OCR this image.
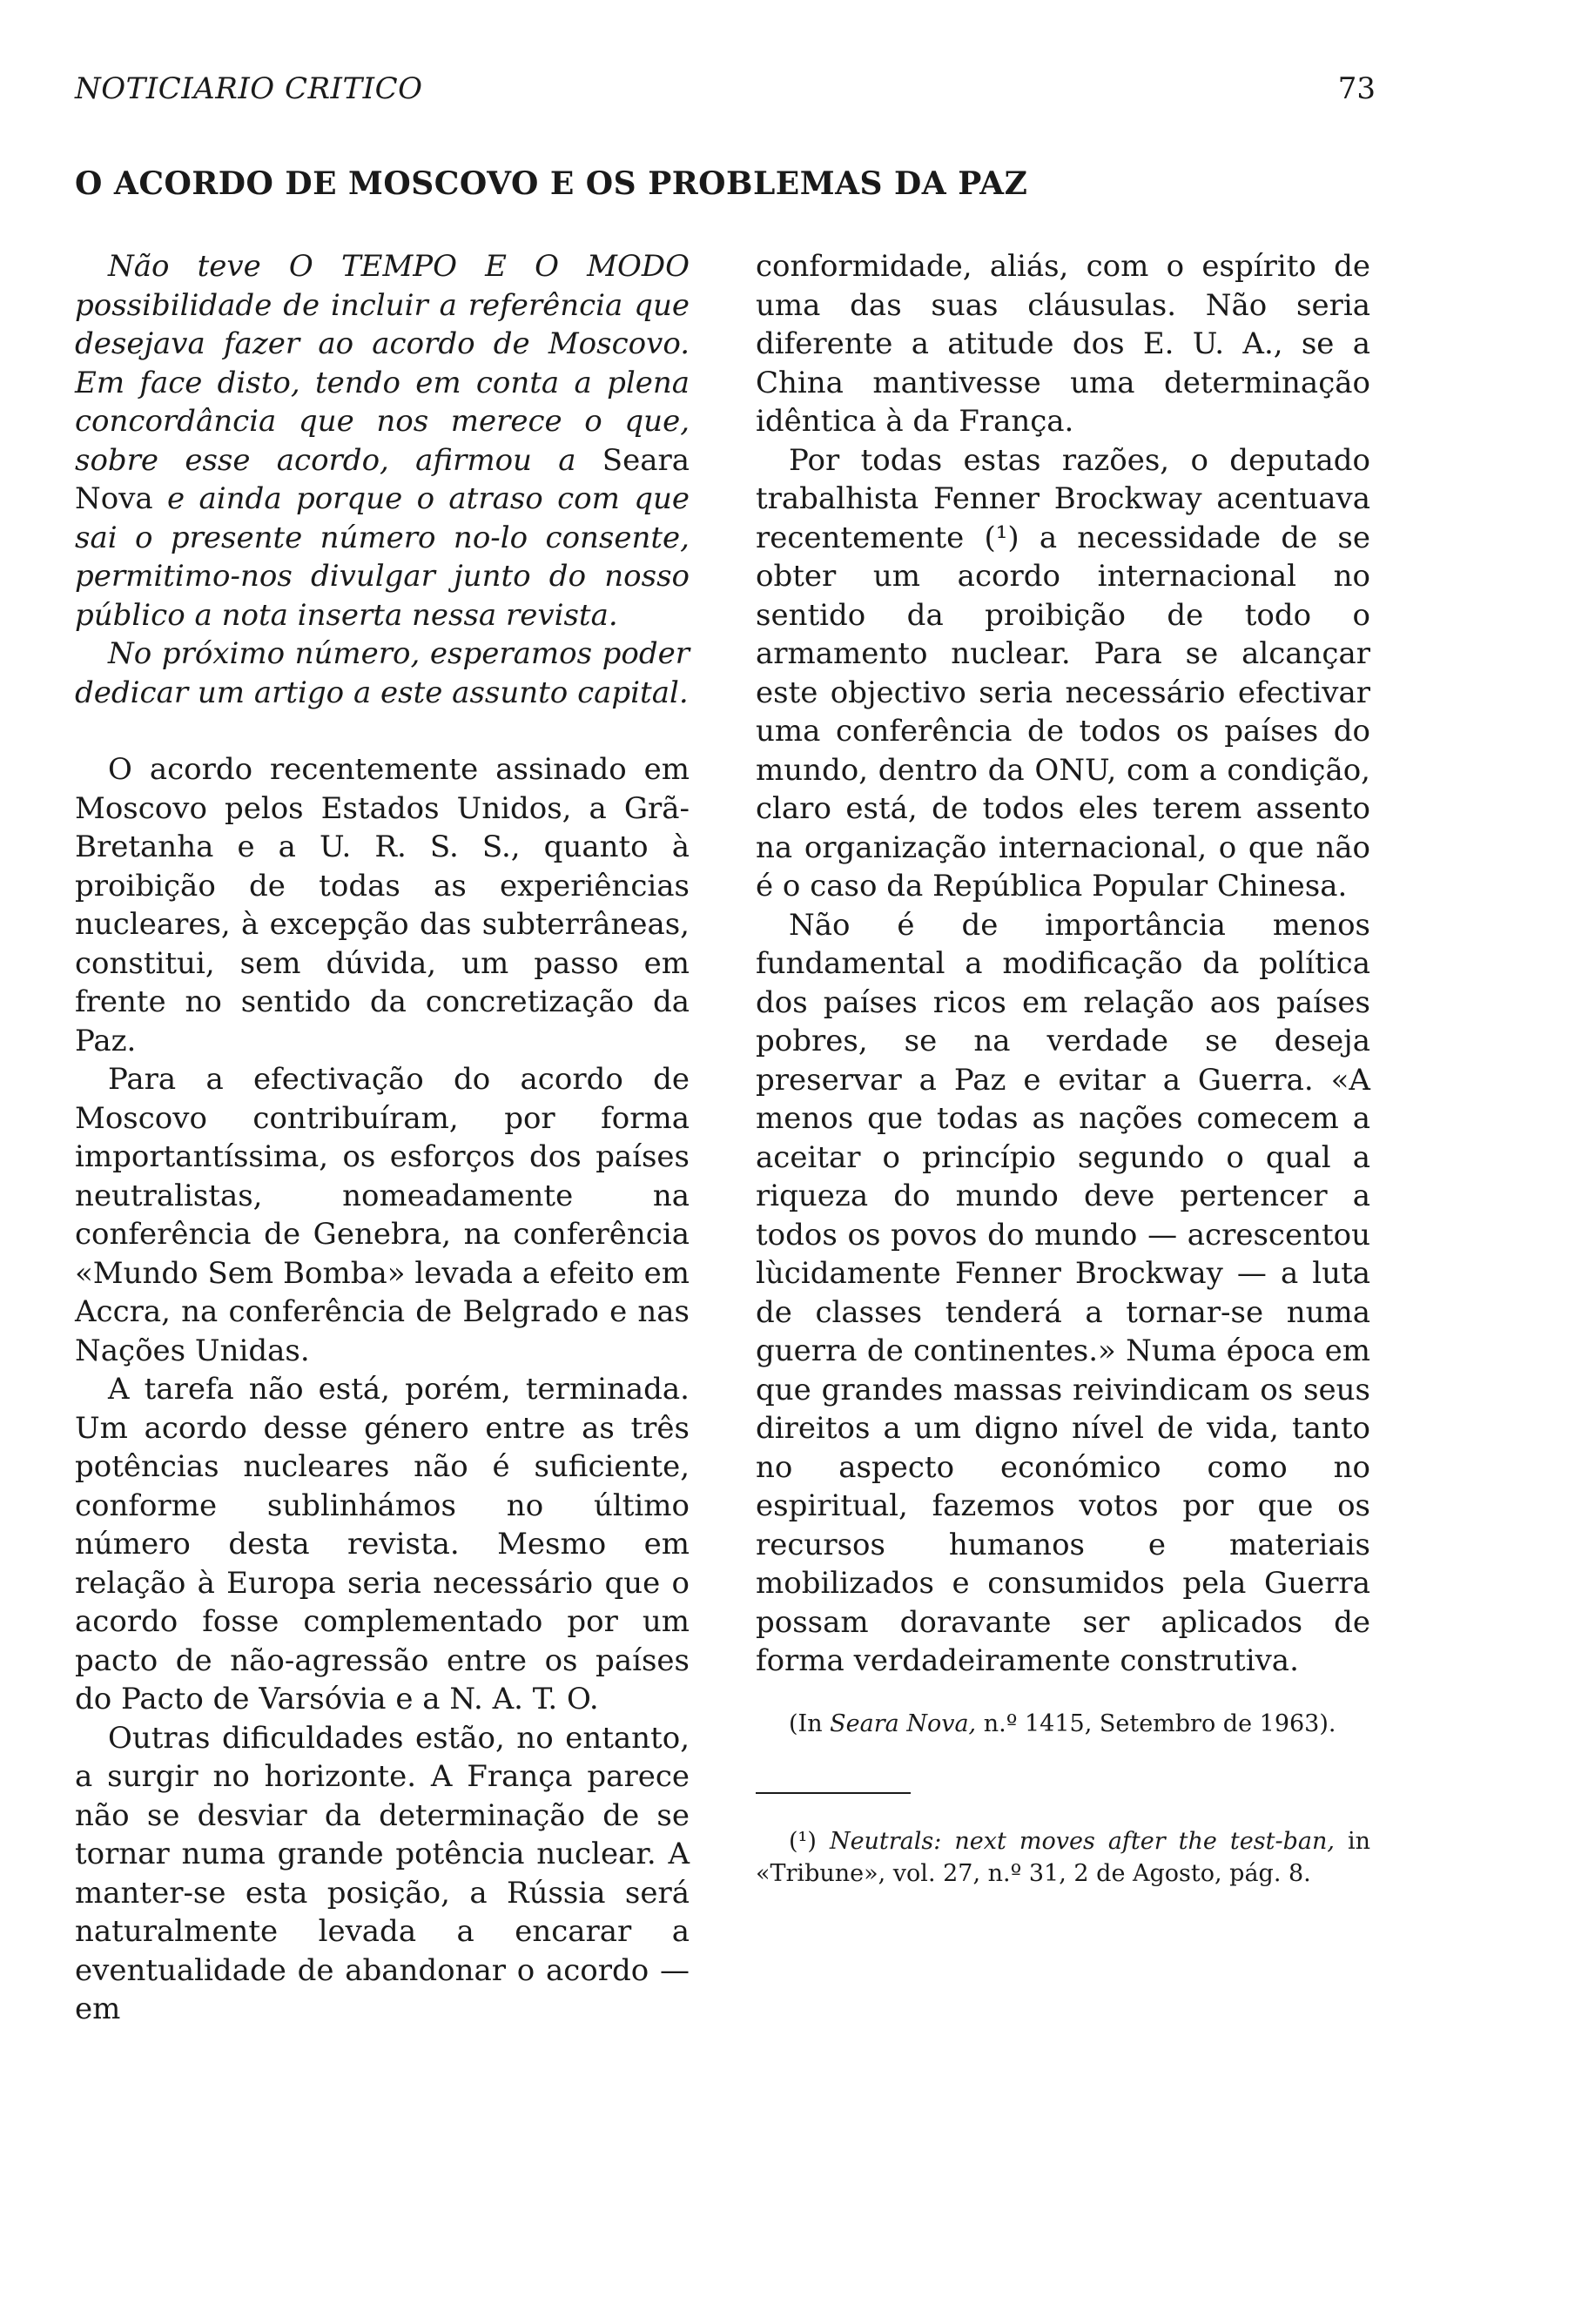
NOTICIARIO CRITICO	73
O ACORDO DE MOSCOVO E OS PROBLEMAS DA PAZ

Não teve O TEMPO E O MODO possibilidade de incluir a referência que desejava fazer ao acordo de Moscovo. Em face disto, tendo em conta a plena concordância que nos merece o que, sobre esse acordo, afirmou a Seara Nova e ainda porque o atraso com que sai o presente número no-lo consente, permitimo-nos divulgar junto do nosso público a nota inserta nessa revista.

No próximo número, esperamos poder dedicar um artigo a este assunto capital.

O acordo recentemente assinado em Moscovo pelos Estados Unidos, a Grã-Bretanha e a U. R. S. S., quanto à proibição de todas as experiências nucleares, à excepção das subterrâneas, constitui, sem dúvida, um passo em frente no sentido da concretização da Paz.

Para a efectivação do acordo de Moscovo contribuíram, por forma importantíssima, os esforços dos países neutralistas, nomeadamente na conferência de Genebra, na conferência «Mundo Sem Bomba» levada a efeito em Accra, na conferência de Belgrado e nas Nações Unidas.

A tarefa não está, porém, terminada. Um acordo desse género entre as três potências nucleares não é suficiente, conforme sublinhámos no último número desta revista. Mesmo em relação à Europa seria necessário que o acordo fosse complementado por um pacto de não-agressão entre os países do Pacto de Varsóvia e a N. A. T. O.

Outras dificuldades estão, no entanto, a surgir no horizonte. A França parece não se desviar da determinação de se tornar numa grande potência nuclear. A manter-se esta posição, a Rússia será naturalmente levada a encarar a eventualidade de abandonar o acordo — em

conformidade, aliás, com o espírito de uma das suas cláusulas. Não seria diferente a atitude dos E. U. A., se a China mantivesse uma determinação idêntica à da França.

Por todas estas razões, o deputado trabalhista Fenner Brockway acentuava recentemente (¹) a necessidade de se obter um acordo internacional no sentido da proibição de todo o armamento nuclear. Para se alcançar este objectivo seria necessário efectivar uma conferência de todos os países do mundo, dentro da ONU, com a condição, claro está, de todos eles terem assento na organização internacional, o que não é o caso da República Popular Chinesa.

Não é de importância menos fundamental a modificação da política dos países ricos em relação aos países pobres, se na verdade se deseja preservar a Paz e evitar a Guerra. «A menos que todas as nações comecem a aceitar o princípio segundo o qual a riqueza do mundo deve pertencer a todos os povos do mundo — acrescentou lùcidamente Fenner Brockway — a luta de classes tenderá a tornar-se numa guerra de continentes.» Numa época em que grandes massas reivindicam os seus direitos a um digno nível de vida, tanto no aspecto económico como no espiritual, fazemos votos por que os recursos humanos e materiais mobilizados e consumidos pela Guerra possam doravante ser aplicados de forma verdadeiramente construtiva.

(In Seara Nova, n.º 1415, Setembro de 1963).

(¹) Neutrals: next moves after the test-ban, in «Tribune», vol. 27, n.º 31, 2 de Agosto, pág. 8.
